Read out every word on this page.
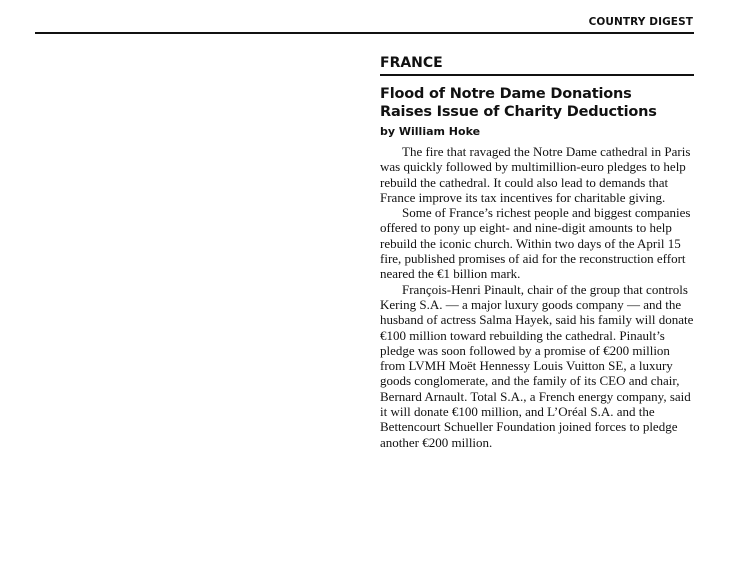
COUNTRY DIGEST
FRANCE
Flood of Notre Dame Donations
Raises Issue of Charity Deductions
by William Hoke

The fire that ravaged the Notre Dame cathedral in Paris was quickly followed by multimillion-euro pledges to help rebuild the cathedral. It could also lead to demands that France improve its tax incentives for charitable giving.

Some of France’s richest people and biggest companies offered to pony up eight- and nine-digit amounts to help rebuild the iconic church. Within two days of the April 15 fire, published promises of aid for the reconstruction effort neared the €1 billion mark.

François-Henri Pinault, chair of the group that controls Kering S.A. — a major luxury goods company — and the husband of actress Salma Hayek, said his family will donate €100 million toward rebuilding the cathedral. Pinault’s pledge was soon followed by a promise of €200 million from LVMH Moët Hennessy Louis Vuitton SE, a luxury goods conglomerate, and the family of its CEO and chair, Bernard Arnault. Total S.A., a French energy company, said it will donate €100 million, and L’Oréal S.A. and the Bettencourt Schueller Foundation joined forces to pledge another €200 million.
